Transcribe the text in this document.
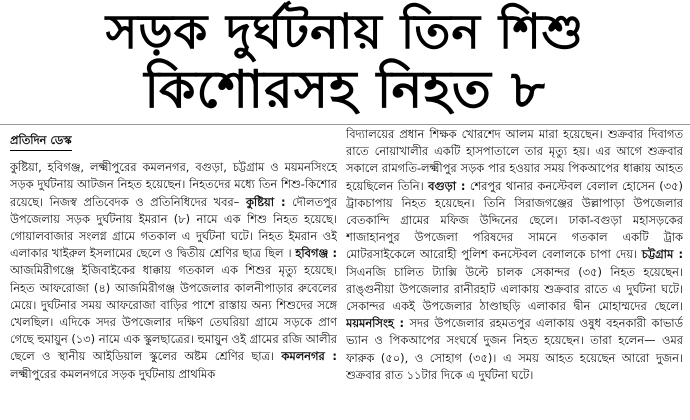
সড়ক দুর্ঘটনায় তিন শিশু
কিশোরসহ নিহত ৮
প্রতিদিন ডেস্ক

কুষ্টিয়া, হবিগঞ্জ, লক্ষ্মীপুরের কমলনগর, বগুড়া, চট্টগ্রাম ও ময়মনসিংহে সড়ক দুর্ঘটনায় আটজন নিহত হয়েছেন। নিহতদের মধ্যে তিন শিশু-কিশোর রয়েছে। নিজস্ব প্রতিবেদক ও প্রতিনিধিদের খবর– কুষ্টিয়া : দৌলতপুর উপজেলায় সড়ক দুর্ঘটনায় ইমরান (৮) নামে এক শিশু নিহত হয়েছে। গোয়ালবাজার সংলগ্ন গ্রামে গতকাল এ দুর্ঘটনা ঘটে। নিহত ইমরান ওই এলাকার খাইরুল ইসলামের ছেলে ও দ্বিতীয় শ্রেণির ছাত্র ছিল । হবিগঞ্জ : আজমিরীগঞ্জে ইজিবাইকের ধাক্কায় গতকাল এক শিশুর মৃত্যু হয়েছে। নিহত আফরোজা (৪) আজমিরীগঞ্জ উপজেলার কালনীপাড়ার রুবেলের মেয়ে। দুর্ঘটনার সময় আফরোজা বাড়ির পাশে রাস্তায় অন্য শিশুদের সঙ্গে খেলছিল। এদিকে সদর উপজেলার দক্ষিণ তেঘরিয়া গ্রামে সড়কে প্রাণ গেছে হুমায়ুন (১৩) নামে এক স্কুলছাত্রের। হুমায়ুন ওই গ্রামের রজি আলীর ছেলে ও স্থানীয় আইডিয়াল স্কুলের অষ্টম শ্রেণির ছাত্র। কমলনগর : লক্ষ্মীপুরের কমলনগরে সড়ক দুর্ঘটনায় প্রাথমিক

বিদ্যালয়ের প্রধান শিক্ষক খোরশেদ আলম মারা হয়েছেন। শুক্রবার দিবাগত রাতে নোয়াখালীর একটি হাসপাতালে তার মৃত্যু হয়। এর আগে শুক্রবার সকালে রামগতি-লক্ষ্মীপুর সড়ক পার হওয়ার সময় পিকআপের ধাক্কায় আহত হয়েছিলেন তিনি। বগুড়া : শেরপুর থানার কনস্টেবল বেলাল হোসেন (৩৫) ট্রাকচাপায় নিহত হয়েছেন। তিনি সিরাজগঞ্জের উল্লাপাড়া উপজেলার বেতকান্দি গ্রামের মফিজ উদ্দিনের ছেলে। ঢাকা-বগুড়া মহাসড়কের শাজাহানপুর উপজেলা পরিষদের সামনে গতকাল একটি ট্রাক মোটরসাইকেলে আরোহী পুলিশ কনস্টেবল বেলালকে চাপা দেয়। চট্টগ্রাম : সিএনজি চালিত ট্যাক্সি উল্টে চালক সেকান্দর (৩৫) নিহত হয়েছেন। রাঙ্গুনীয়া উপজেলার রানীরহাট এলাকায় শুক্রবার রাতে এ দুর্ঘটনা ঘটে। সেকান্দর একই উপজেলার ঠাণ্ডাছড়ি এলাকার দ্বীন মোহাম্মদের ছেলে। ময়মনসিংহ : সদর উপজেলার রহমতপুর এলাকায় ওষুধ বহনকারী কাভার্ড ভ্যান ও পিকআপের সংঘর্ষে দুজন নিহত হয়েছেন। তারা হলেন— ওমর ফারুক (৫০), ও সোহাগ (৩৫)। এ সময় আহত হয়েছেন আরো দুজন। শুক্রবার রাত ১১টার দিকে এ দুর্ঘটনা ঘটে।
